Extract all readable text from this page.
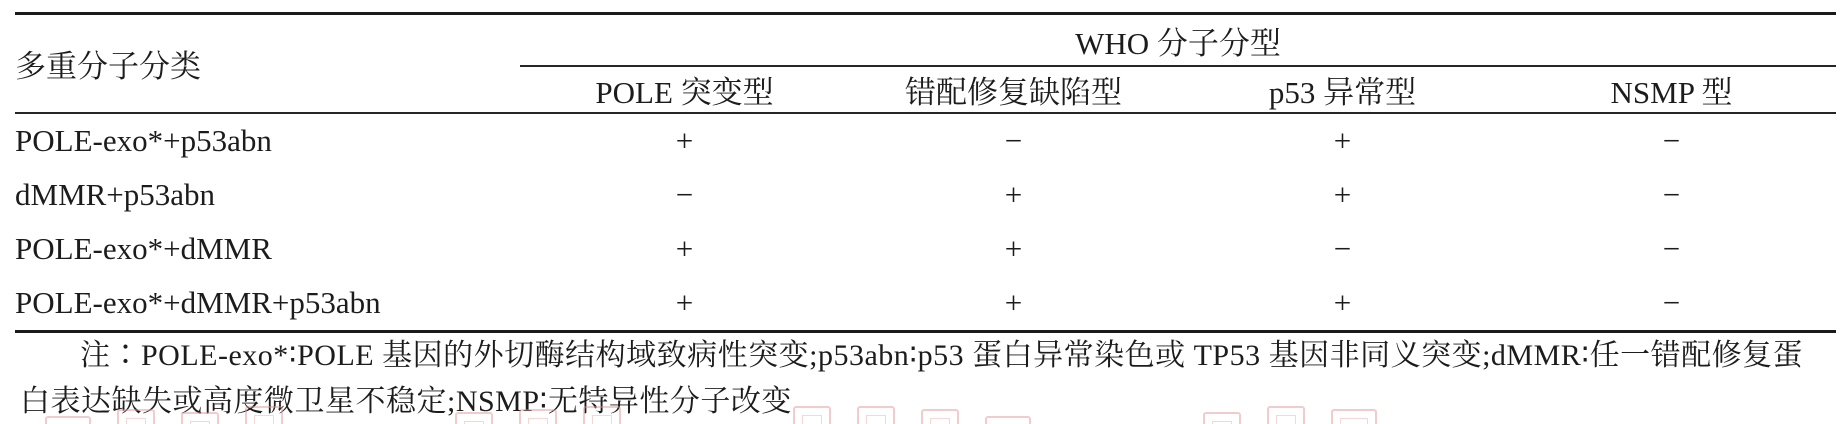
多重分子分类	WHO 分子分型			
	POLE 突变型	错配修复缺陷型	p53 异常型	NSMP 型
POLE-exo*+p53abn	+	−	+	−
dMMR+p53abn	−	+	+	−
POLE-exo*+dMMR	+	+	−	−
POLE-exo*+dMMR+p53abn	+	+	+	−

注∶POLE-exo*∶POLE 基因的外切酶结构域致病性突变;p53abn∶p53 蛋白异常染色或 TP53 基因非同义突变;dMMR∶任一错配修复蛋白表达缺失或高度微卫星不稳定;NSMP∶无特异性分子改变
